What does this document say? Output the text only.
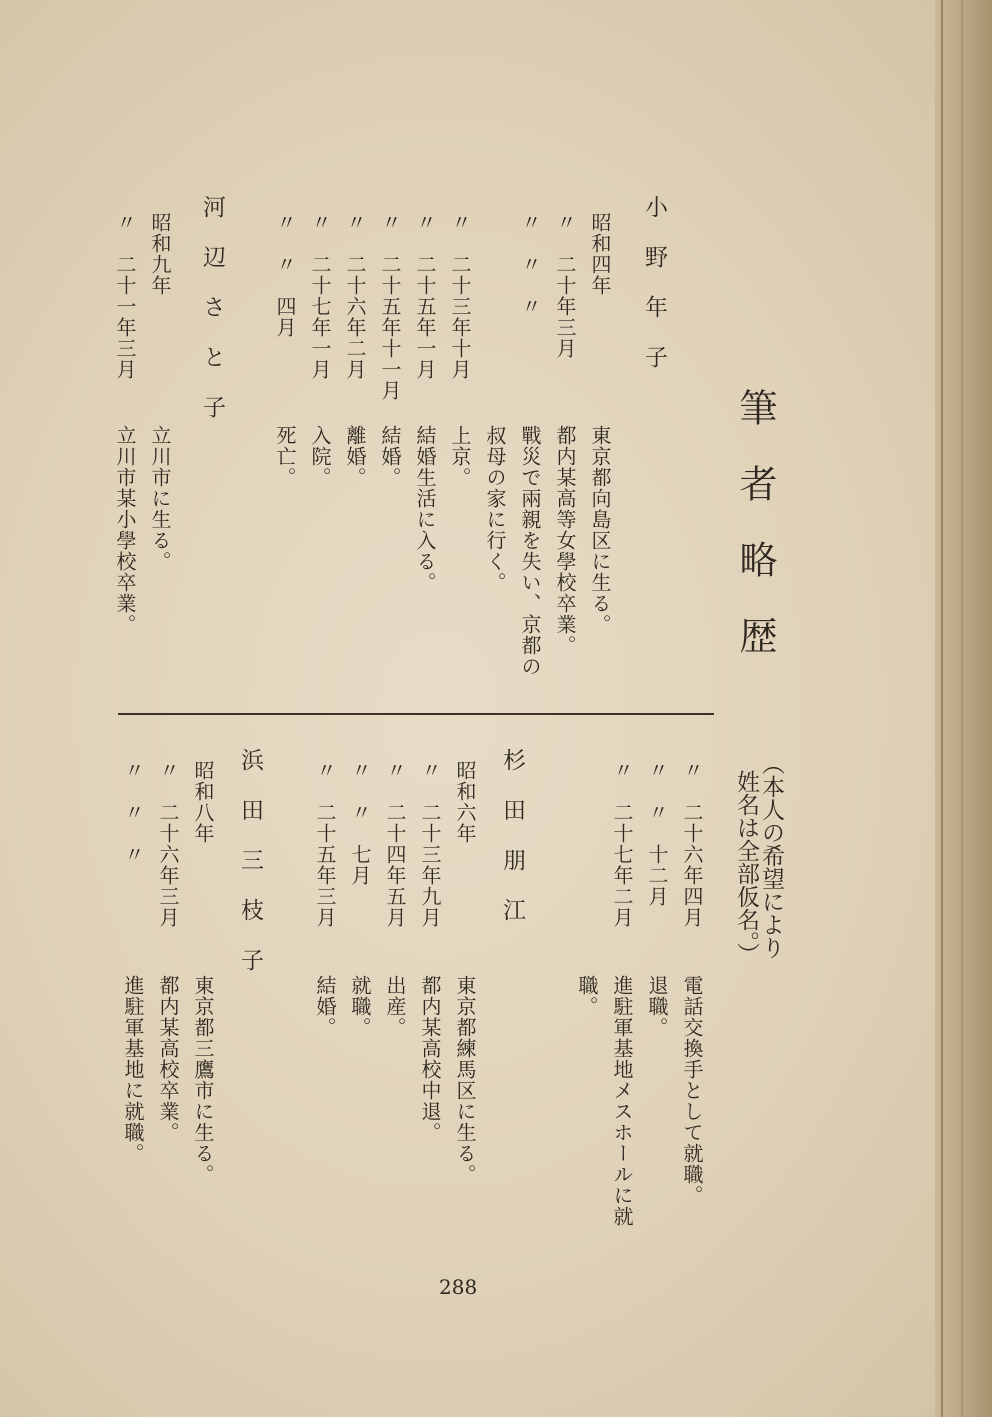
筆　者　略　歴
（本人の希望により
姓名は全部仮名。）
小　野　年　子
昭和四年
東京都向島区に生る。
〃　二十年三月
都内某高等女學校卒業。
〃　〃　〃
戰災で兩親を失い、京都の
叔母の家に行く。
〃　二十三年十月
上京。
〃　二十五年一月
結婚生活に入る。
〃　二十五年十一月
結婚。
〃　二十六年二月
離婚。
〃　二十七年一月
入院。
〃　〃　四月
死亡。
河　辺　さ　と　子
昭和九年
立川市に生る。
〃　二十一年三月
立川市某小學校卒業。
〃　二十六年四月
電話交換手として就職。
〃　〃　十二月
退職。
〃　二十七年二月
進駐軍基地メスホールに就
職。
杉　田　朋　江
昭和六年
東京都練馬区に生る。
〃　二十三年九月
都内某高校中退。
〃　二十四年五月
出産。
〃　〃　七月
就職。
〃　二十五年三月
結婚。
浜　田　三　枝　子
昭和八年
東京都三鷹市に生る。
〃　二十六年三月
都内某高校卒業。
〃　〃　〃
進駐軍基地に就職。
288
